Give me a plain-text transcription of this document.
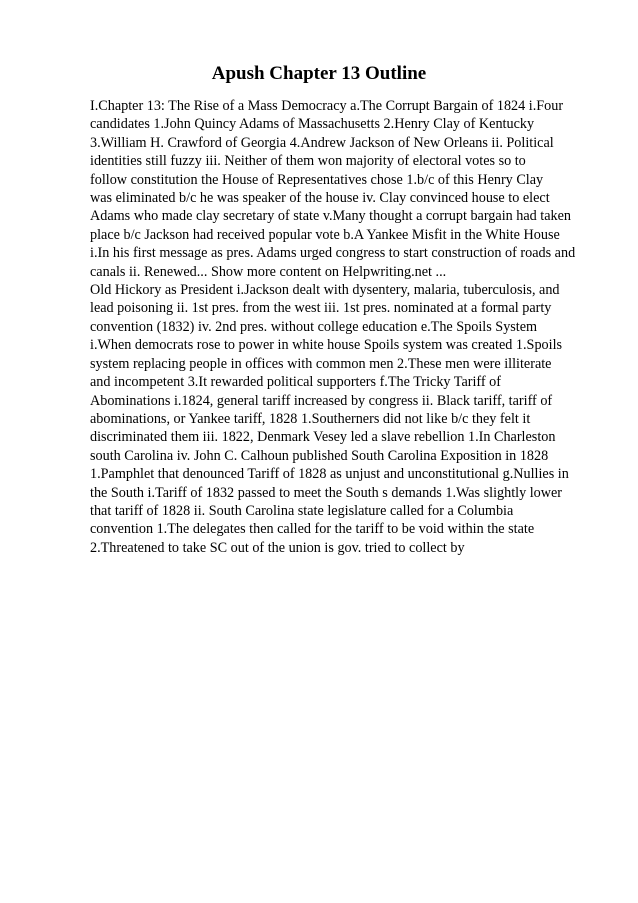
Apush Chapter 13 Outline
I.Chapter 13: The Rise of a Mass Democracy a.The Corrupt Bargain of 1824 i.Four
candidates 1.John Quincy Adams of Massachusetts 2.Henry Clay of Kentucky
3.William H. Crawford of Georgia 4.Andrew Jackson of New Orleans ii. Political
identities still fuzzy iii. Neither of them won majority of electoral votes so to
follow constitution the House of Representatives chose 1.b/c of this Henry Clay
was eliminated b/c he was speaker of the house iv. Clay convinced house to elect
Adams who made clay secretary of state v.Many thought a corrupt bargain had taken
place b/c Jackson had received popular vote b.A Yankee Misfit in the White House
i.In his first message as pres. Adams urged congress to start construction of roads and
canals ii. Renewed... Show more content on Helpwriting.net ...
Old Hickory as President i.Jackson dealt with dysentery, malaria, tuberculosis, and
lead poisoning ii. 1st pres. from the west iii. 1st pres. nominated at a formal party
convention (1832) iv. 2nd pres. without college education e.The Spoils System
i.When democrats rose to power in white house Spoils system was created 1.Spoils
system replacing people in offices with common men 2.These men were illiterate
and incompetent 3.It rewarded political supporters f.The Tricky Tariff of
Abominations i.1824, general tariff increased by congress ii. Black tariff, tariff of
abominations, or Yankee tariff, 1828 1.Southerners did not like b/c they felt it
discriminated them iii. 1822, Denmark Vesey led a slave rebellion 1.In Charleston
south Carolina iv. John C. Calhoun published South Carolina Exposition in 1828
1.Pamphlet that denounced Tariff of 1828 as unjust and unconstitutional g.Nullies in
the South i.Tariff of 1832 passed to meet the South s demands 1.Was slightly lower
that tariff of 1828 ii. South Carolina state legislature called for a Columbia
convention 1.The delegates then called for the tariff to be void within the state
2.Threatened to take SC out of the union is gov. tried to collect by
